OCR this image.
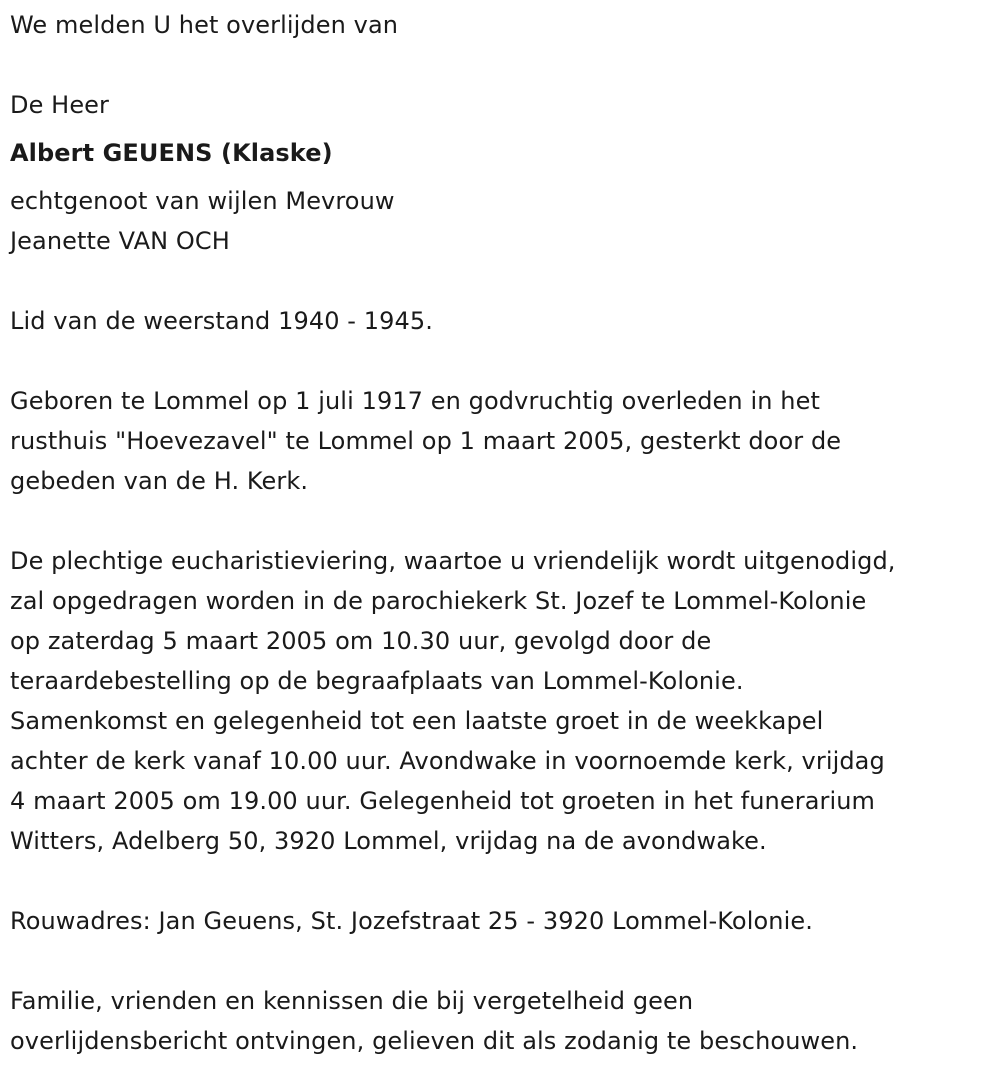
We melden U het overlijden van

De Heer

Albert GEUENS (Klaske)

echtgenoot van wijlen Mevrouw

Jeanette VAN OCH

Lid van de weerstand 1940 - 1945.

Geboren te Lommel op 1 juli 1917 en godvruchtig overleden in het
rusthuis "Hoevezavel" te Lommel op 1 maart 2005, gesterkt door de
gebeden van de H. Kerk.
De plechtige eucharistieviering, waartoe u vriendelijk wordt uitgenodigd,
zal opgedragen worden in de parochiekerk St. Jozef te Lommel-Kolonie
op zaterdag 5 maart 2005 om 10.30 uur, gevolgd door de
teraardebestelling op de begraafplaats van Lommel-Kolonie.
Samenkomst en gelegenheid tot een laatste groet in de weekkapel
achter de kerk vanaf 10.00 uur. Avondwake in voornoemde kerk, vrijdag
4 maart 2005 om 19.00 uur. Gelegenheid tot groeten in het funerarium
Witters, Adelberg 50, 3920 Lommel, vrijdag na de avondwake.

Rouwadres: Jan Geuens, St. Jozefstraat 25 - 3920 Lommel-Kolonie.

Familie, vrienden en kennissen die bij vergetelheid geen
overlijdensbericht ontvingen, gelieven dit als zodanig te beschouwen.
